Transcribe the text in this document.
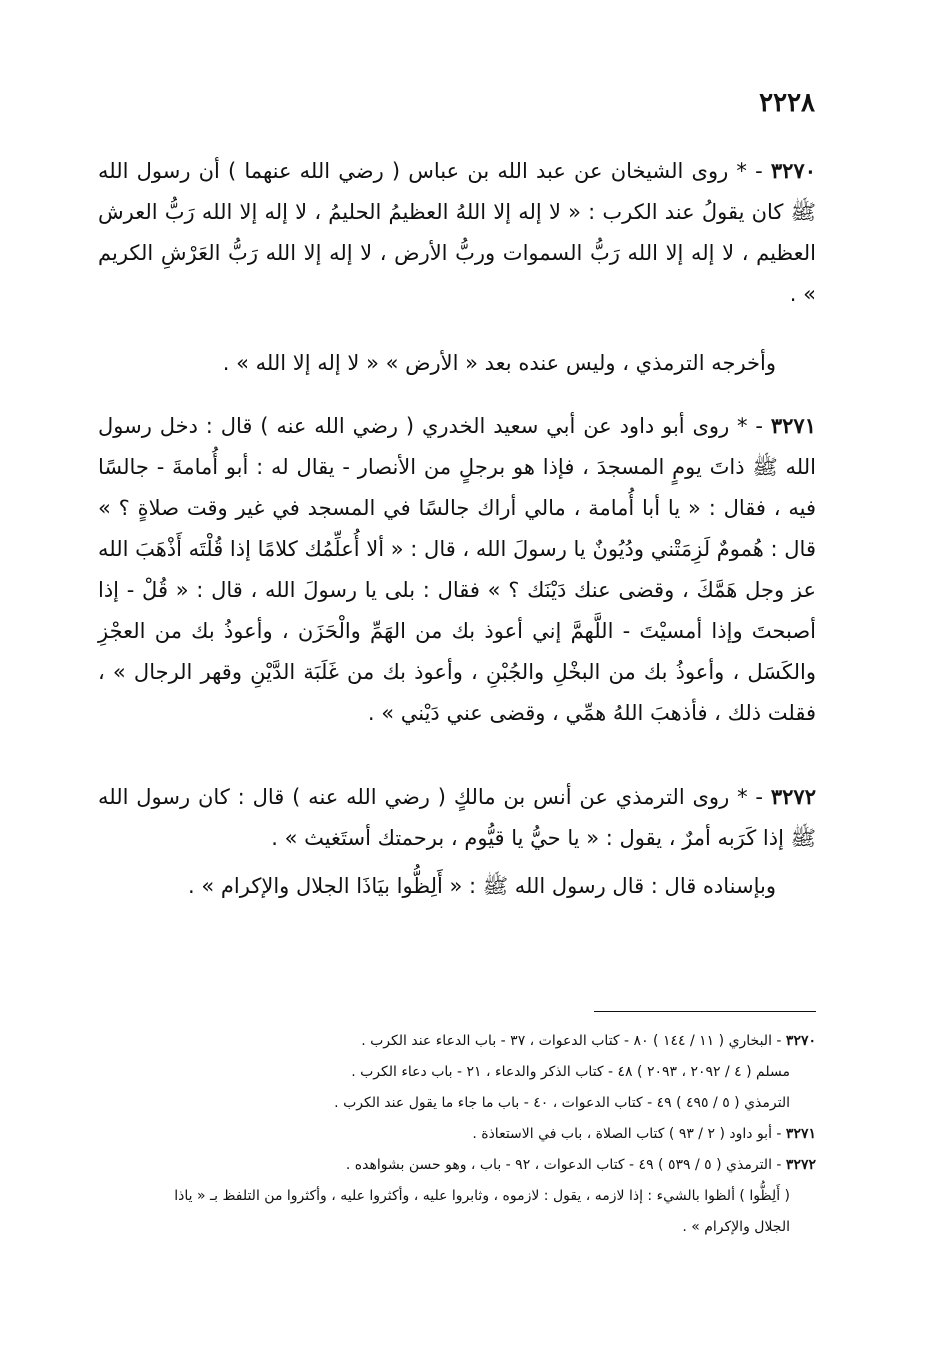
٢٢٢٨
٣٢٧٠ - * روى الشيخان عن عبد الله بن عباس ( رضي الله عنهما ) أن رسول الله ﷺ كان يقولُ عند الكرب : « لا إله إلا اللهُ العظيمُ الحليمُ ، لا إله إلا الله رَبُّ العرش العظيم ، لا إله إلا الله رَبُّ السموات وربُّ الأرض ، لا إله إلا الله رَبُّ العَرْشِ الكريم » .
وأخرجه الترمذي ، وليس عنده بعد « الأرض » « لا إله إلا الله » .
٣٢٧١ - * روى أبو داود عن أبي سعيد الخدري ( رضي الله عنه ) قال : دخل رسول الله ﷺ ذاتَ يومٍ المسجدَ ، فإذا هو برجلٍ من الأنصار - يقال له : أبو أُمامةَ - جالسًا فيه ، فقال : « يا أبا أُمامة ، مالي أراك جالسًا في المسجد في غير وقت صلاةٍ ؟ » قال : هُمومٌ لَزِمَتْني ودُيُونٌ يا رسولَ الله ، قال : « ألا أُعلِّمُك كلامًا إذا قُلْتَه أَذْهَبَ الله عز وجل هَمَّكَ ، وقضى عنك دَيْنَك ؟ » فقال : بلى يا رسولَ الله ، قال : « قُلْ - إذا أصبحتَ وإذا أمسيْتَ - اللَّهمَّ إني أعوذ بك من الهَمِّ والْحَزَن ، وأعوذُ بك من العجْزِ والكَسَل ، وأعوذُ بك من البخْلِ والجُبْنِ ، وأعوذ بك من غَلَبَة الدَّيْنِ وقهر الرجال » ، فقلت ذلك ، فأذهبَ اللهُ همِّي ، وقضى عني دَيْني » .
٣٢٧٢ - * روى الترمذي عن أنس بن مالكٍ ( رضي الله عنه ) قال : كان رسول الله ﷺ إذا كَرَبه أمرٌ ، يقول : « يا حيُّ يا قيُّوم ، برحمتك أستَغيث » .
وبإسناده قال : قال رسول الله ﷺ : « أَلِظُّوا بيَاذَا الجلال والإكرام » .
٣٢٧٠ - البخاري ( ١١ / ١٤٤ ) ٨٠ - كتاب الدعوات ، ٣٧ - باب الدعاء عند الكرب .
مسلم ( ٤ / ٢٠٩٢ ، ٢٠٩٣ ) ٤٨ - كتاب الذكر والدعاء ، ٢١ - باب دعاء الكرب .
الترمذي ( ٥ / ٤٩٥ ) ٤٩ - كتاب الدعوات ، ٤٠ - باب ما جاء ما يقول عند الكرب .
٣٢٧١ - أبو داود ( ٢ / ٩٣ ) كتاب الصلاة ، باب في الاستعاذة .
٣٢٧٢ - الترمذي ( ٥ / ٥٣٩ ) ٤٩ - كتاب الدعوات ، ٩٢ - باب ، وهو حسن بشواهده .
( أَلِظُّوا ) ألظوا بالشيء : إذا لازمه ، يقول : لازموه ، وثابروا عليه ، وأكثروا عليه ، وأكثروا من التلفظ بـ « ياذا
الجلال والإكرام » .
